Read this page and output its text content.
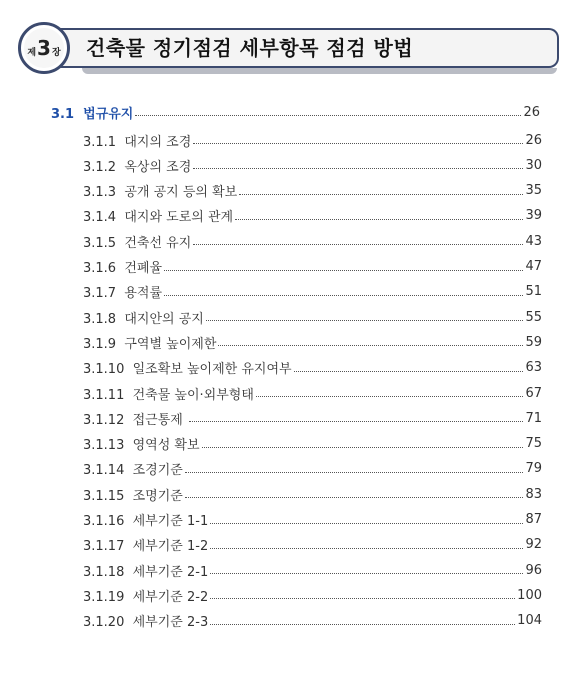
제 3 장 건축물 정기점검 세부항목 점검 방법
3.1  법규유지	26
3.1.1  대지의 조경	26
3.1.2  옥상의 조경	30
3.1.3  공개 공지 등의 확보	35
3.1.4  대지와 도로의 관계	39
3.1.5  건축선 유지	43
3.1.6  건폐율	47
3.1.7  용적률	51
3.1.8  대지안의 공지	55
3.1.9  구역별 높이제한	59
3.1.10  일조확보 높이제한 유지여부	63
3.1.11  건축물 높이·외부형태	67
3.1.12  접근통제	71
3.1.13  영역성 확보	75
3.1.14  조경기준	79
3.1.15  조명기준	83
3.1.16  세부기준 1-1	87
3.1.17  세부기준 1-2	92
3.1.18  세부기준 2-1	96
3.1.19  세부기준 2-2	100
3.1.20  세부기준 2-3	104
